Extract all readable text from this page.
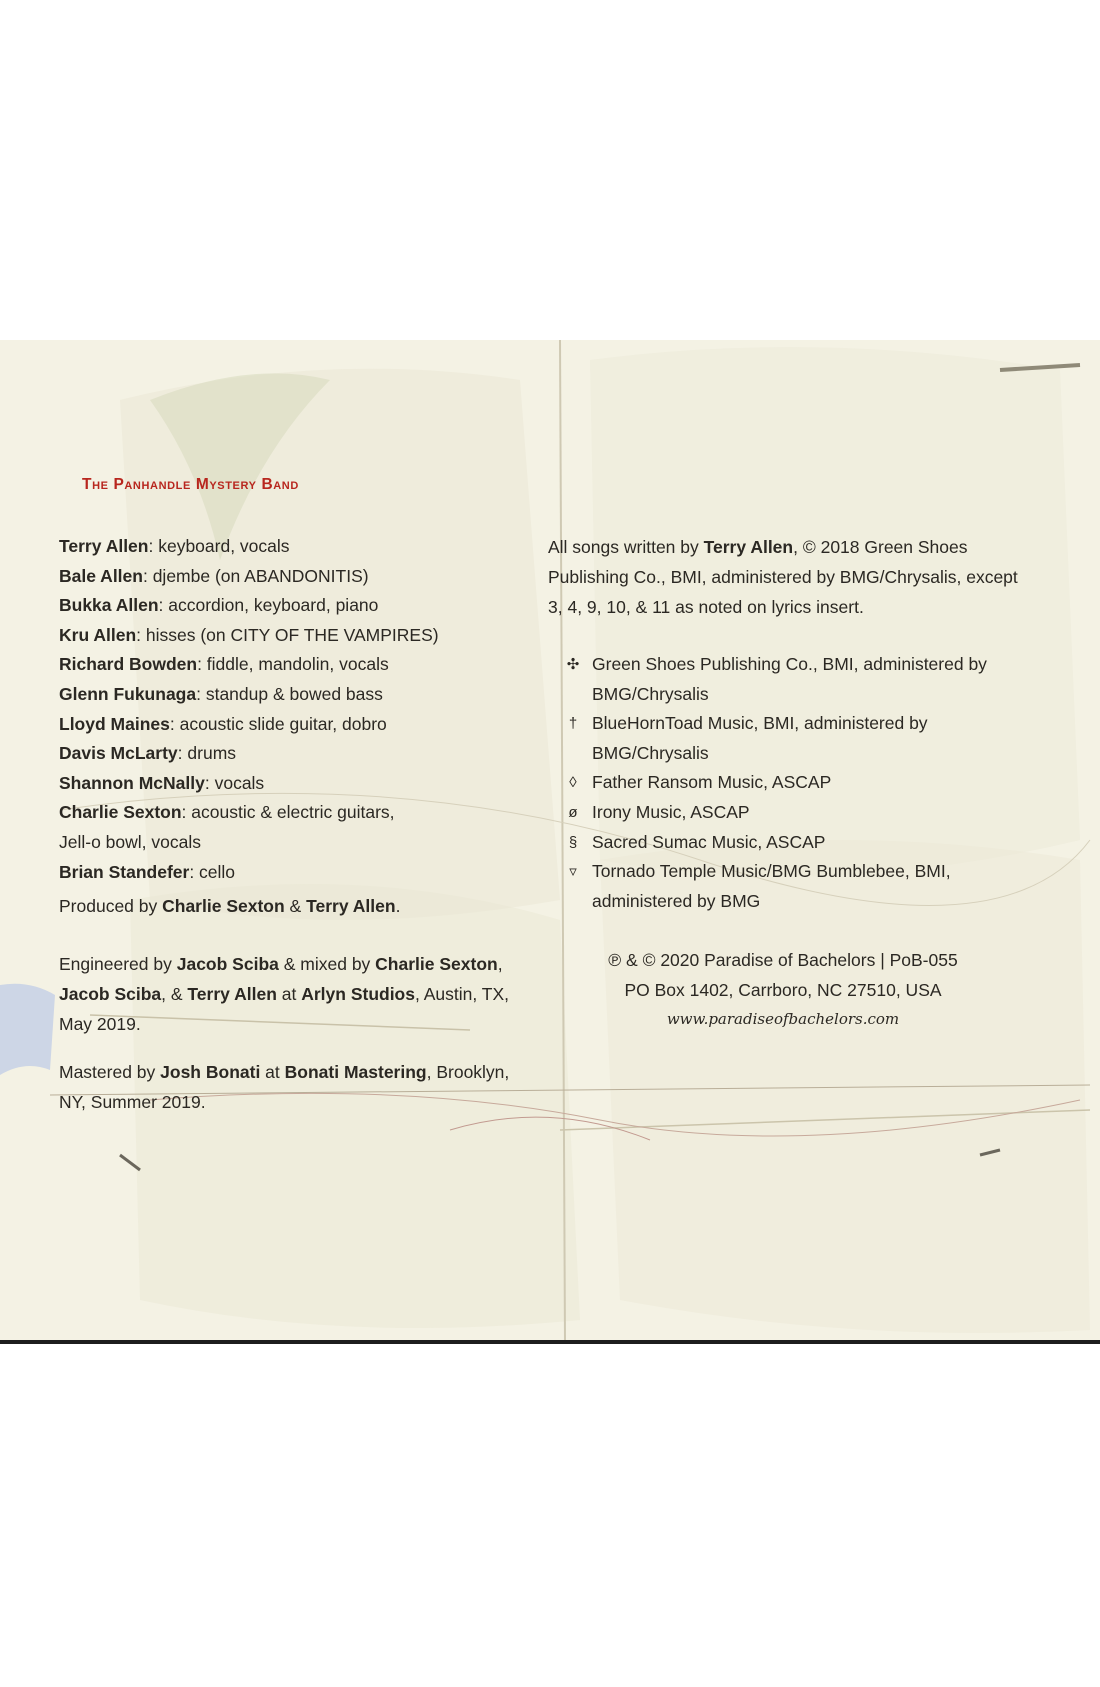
The Panhandle Mystery Band
Terry Allen: keyboard, vocals
Bale Allen: djembe (on ABANDONITIS)
Bukka Allen: accordion, keyboard, piano
Kru Allen: hisses (on CITY OF THE VAMPIRES)
Richard Bowden: fiddle, mandolin, vocals
Glenn Fukunaga: standup & bowed bass
Lloyd Maines: acoustic slide guitar, dobro
Davis McLarty: drums
Shannon McNally: vocals
Charlie Sexton: acoustic & electric guitars,
Jell-o bowl, vocals
Brian Standefer: cello
Produced by Charlie Sexton & Terry Allen.
Engineered by Jacob Sciba & mixed by Charlie Sexton, Jacob Sciba, & Terry Allen at Arlyn Studios, Austin, TX, May 2019.
Mastered by Josh Bonati at Bonati Mastering, Brooklyn, NY, Summer 2019.
All songs written by Terry Allen, © 2018 Green Shoes Publishing Co., BMI, administered by BMG/Chrysalis, except 3, 4, 9, 10, & 11 as noted on lyrics insert.
✣ Green Shoes Publishing Co., BMI, administered by BMG/Chrysalis
† BlueHornToad Music, BMI, administered by BMG/Chrysalis
◊ Father Ransom Music, ASCAP
ø Irony Music, ASCAP
§ Sacred Sumac Music, ASCAP
▿ Tornado Temple Music/BMG Bumblebee, BMI, administered by BMG
℗ & © 2020 Paradise of Bachelors | PoB-055
PO Box 1402, Carrboro, NC 27510, USA
www.paradiseofbachelors.com
